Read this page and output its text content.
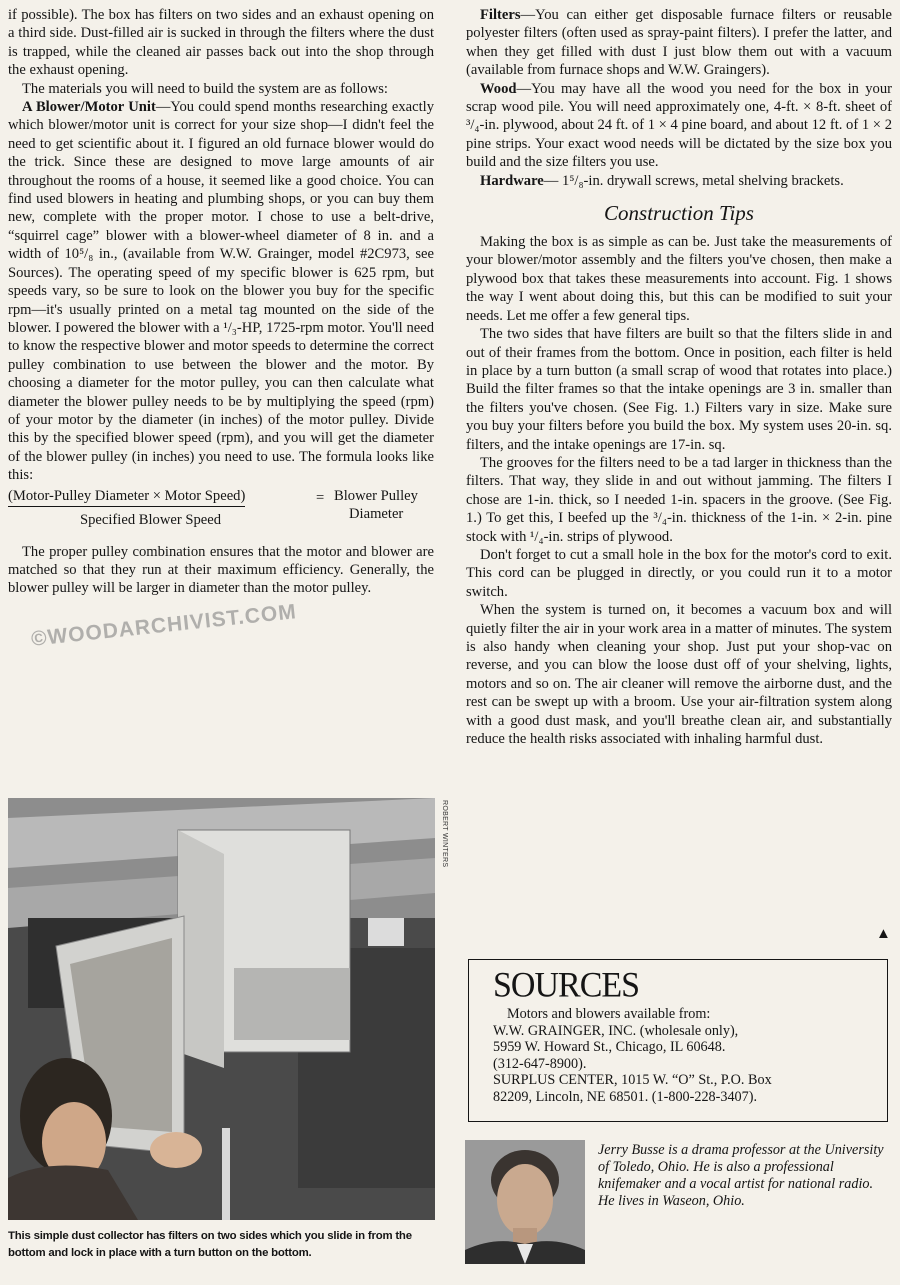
if possible). The box has filters on two sides and an exhaust opening on a third side. Dust-filled air is sucked in through the filters where the dust is trapped, while the cleaned air passes back out into the shop through the exhaust opening.

The materials you will need to build the system are as follows:

A Blower/Motor Unit—You could spend months researching exactly which blower/motor unit is correct for your size shop—I didn't feel the need to get scientific about it. I figured an old furnace blower would do the trick. Since these are designed to move large amounts of air throughout the rooms of a house, it seemed like a good choice. You can find used blowers in heating and plumbing shops, or you can buy them new, complete with the proper motor. I chose to use a belt-drive, “squirrel cage” blower with a blower-wheel diameter of 8 in. and a width of 10⁵/₈ in., (available from W.W. Grainger, model #2C973, see Sources). The operating speed of my specific blower is 625 rpm, but speeds vary, so be sure to look on the blower you buy for the specific rpm—it's usually printed on a metal tag mounted on the side of the blower. I powered the blower with a ¹/₃-HP, 1725-rpm motor. You'll need to know the respective blower and motor speeds to determine the correct pulley combination to use between the blower and the motor. By choosing a diameter for the motor pulley, you can then calculate what diameter the blower pulley needs to be by multiplying the speed (rpm) of your motor by the diameter (in inches) of the motor pulley. Divide this by the specified blower speed (rpm), and you will get the diameter of the blower pulley (in inches) you need to use. The formula looks like this:

(Motor-Pulley Diameter × Motor Speed)	= Blower Pulley
Diameter
Specified Blower Speed

The proper pulley combination ensures that the motor and blower are matched so that they run at their maximum efficiency. Generally, the blower pulley will be larger in diameter than the motor pulley.

©WOODARCHIVIST.COM
ROBERT WINTERS
This simple dust collector has filters on two sides which you slide in from the bottom and lock in place with a turn button on the bottom.

Filters—You can either get disposable furnace filters or reusable polyester filters (often used as spray-paint filters). I prefer the latter, and when they get filled with dust I just blow them out with a vacuum (available from furnace shops and W.W. Graingers).

Wood—You may have all the wood you need for the box in your scrap wood pile. You will need approximately one, 4-ft. × 8-ft. sheet of ³/₄-in. plywood, about 24 ft. of 1 × 4 pine board, and about 12 ft. of 1 × 2 pine strips. Your exact wood needs will be dictated by the size box you build and the size filters you use.

Hardware— 1⁵/₈-in. drywall screws, metal shelving brackets.

Construction Tips

Making the box is as simple as can be. Just take the measurements of your blower/motor assembly and the filters you've chosen, then make a plywood box that takes these measurements into account. Fig. 1 shows the way I went about doing this, but this can be modified to suit your needs. Let me offer a few general tips.

The two sides that have filters are built so that the filters slide in and out of their frames from the bottom. Once in position, each filter is held in place by a turn button (a small scrap of wood that rotates into place.) Build the filter frames so that the intake openings are 3 in. smaller than the filters you've chosen. (See Fig. 1.) Filters vary in size. Make sure you buy your filters before you build the box. My system uses 20-in. sq. filters, and the intake openings are 17-in. sq.

The grooves for the filters need to be a tad larger in thickness than the filters. That way, they slide in and out without jamming. The filters I chose are 1-in. thick, so I needed 1-in. spacers in the groove. (See Fig. 1.) To get this, I beefed up the ³/₄-in. thickness of the 1-in. × 2-in. pine stock with ¹/₄-in. strips of plywood.

Don't forget to cut a small hole in the box for the motor's cord to exit. This cord can be plugged in directly, or you could run it to a motor switch.

When the system is turned on, it becomes a vacuum box and will quietly filter the air in your work area in a matter of minutes. The system is also handy when cleaning your shop. Just put your shop-vac on reverse, and you can blow the loose dust off of your shelving, lights, motors and so on. The air cleaner will remove the airborne dust, and the rest can be swept up with a broom. Use your air-filtration system along with a good dust mask, and you'll breathe clean air, and substantially reduce the health risks associated with inhaling harmful dust.

▲
SOURCES
Motors and blowers available from:
W.W. GRAINGER, INC. (wholesale only),
5959 W. Howard St., Chicago, IL 60648.
(312-647-8900).
SURPLUS CENTER, 1015 W. “O” St., P.O. Box
82209, Lincoln, NE 68501. (1-800-228-3407).
Jerry Busse is a drama professor at the University of Toledo, Ohio. He is also a professional knifemaker and a vocal artist for national radio. He lives in Waseon, Ohio.
